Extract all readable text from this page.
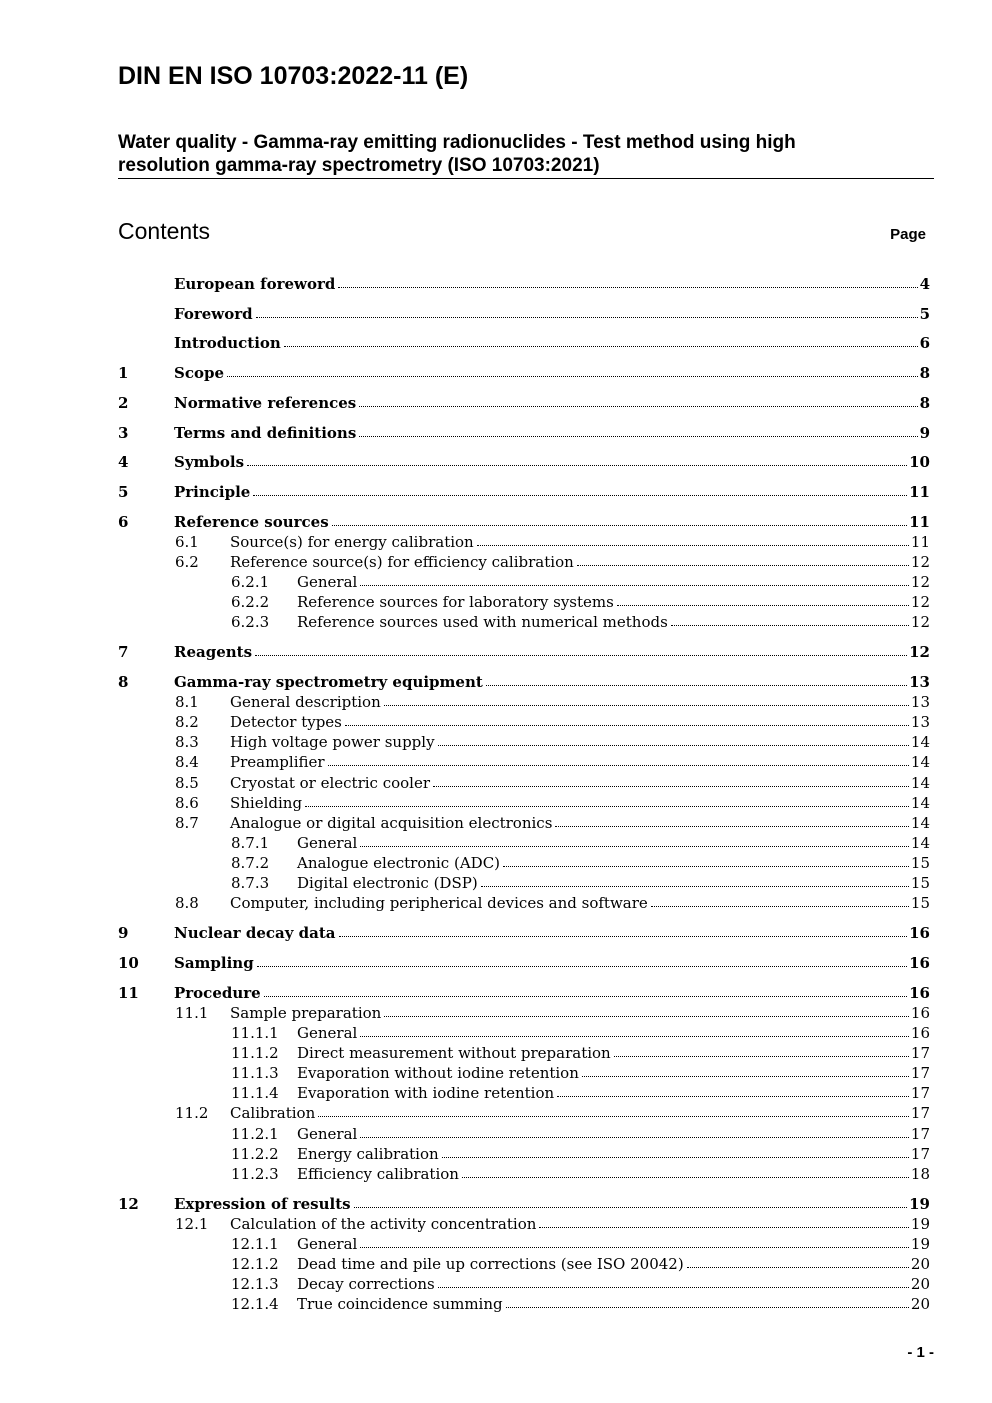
DIN EN ISO 10703:2022-11 (E)
Water quality - Gamma-ray emitting radionuclides - Test method using high resolution gamma-ray spectrometry (ISO 10703:2021)
Contents	Page
European foreword	4
Foreword	5
Introduction	6
1	Scope	8
2	Normative references	8
3	Terms and definitions	9
4	Symbols	10
5	Principle	11
6	Reference sources	11
6.1 Source(s) for energy calibration	11
6.2 Reference source(s) for efficiency calibration	12
6.2.1 General	12
6.2.2 Reference sources for laboratory systems	12
6.2.3 Reference sources used with numerical methods	12
7	Reagents	12
8	Gamma-ray spectrometry equipment	13
8.1 General description	13
8.2 Detector types	13
8.3 High voltage power supply	14
8.4 Preamplifier	14
8.5 Cryostat or electric cooler	14
8.6 Shielding	14
8.7 Analogue or digital acquisition electronics	14
8.7.1 General	14
8.7.2 Analogue electronic (ADC)	15
8.7.3 Digital electronic (DSP)	15
8.8 Computer, including peripherical devices and software	15
9	Nuclear decay data	16
10 Sampling	16
11 Procedure	16
11.1 Sample preparation	16
11.1.1 General	16
11.1.2 Direct measurement without preparation	17
11.1.3 Evaporation without iodine retention	17
11.1.4 Evaporation with iodine retention	17
11.2 Calibration	17
11.2.1 General	17
11.2.2 Energy calibration	17
11.2.3 Efficiency calibration	18
12 Expression of results	19
12.1 Calculation of the activity concentration	19
12.1.1 General	19
12.1.2 Dead time and pile up corrections (see ISO 20042)	20
12.1.3 Decay corrections	20
12.1.4 True coincidence summing	20
- 1 -
